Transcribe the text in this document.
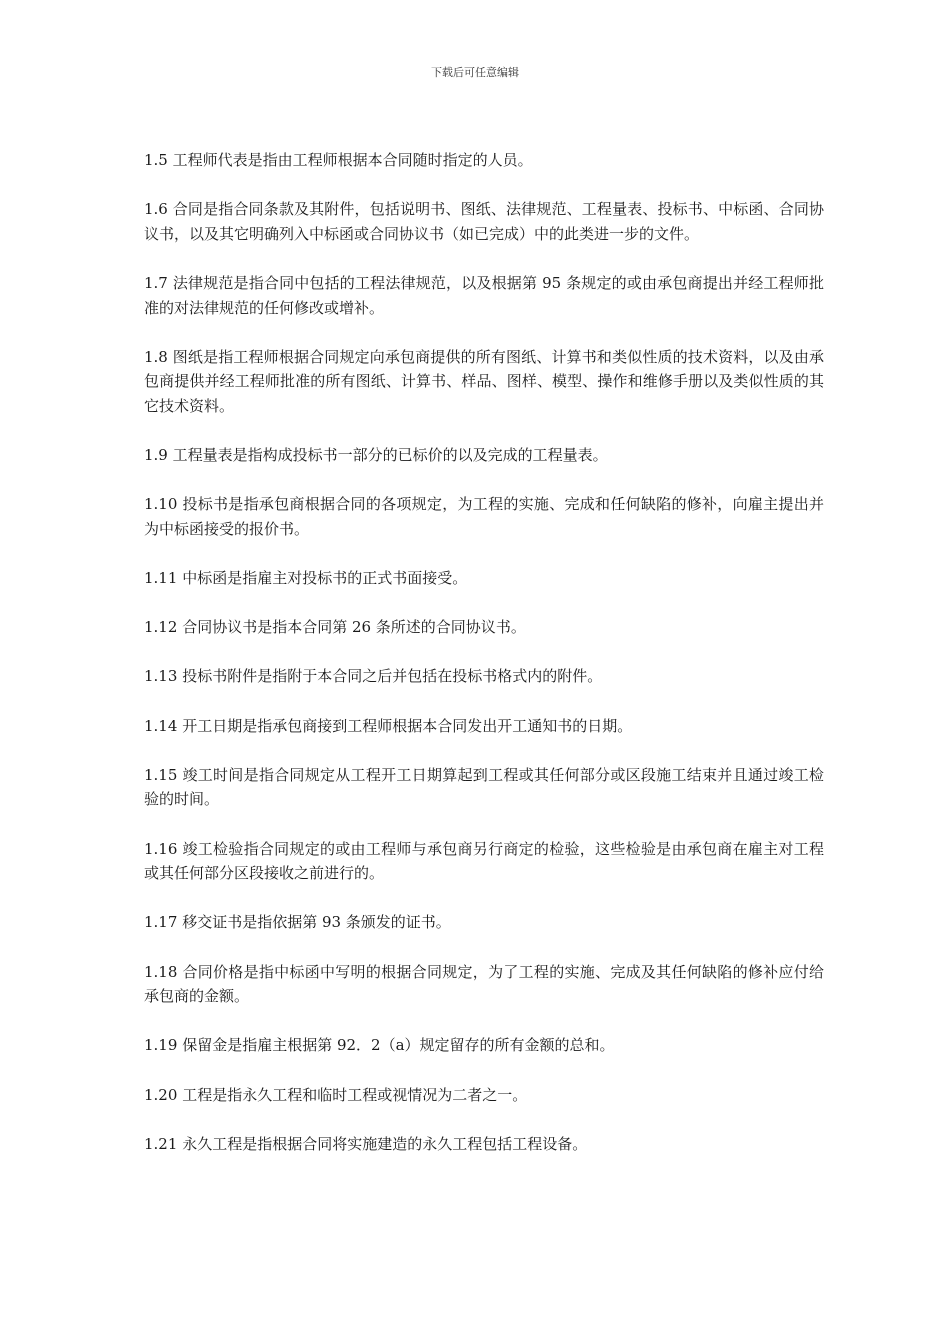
下载后可任意编辑

1.5 工程师代表是指由工程师根据本合同随时指定的人员。

1.6 合同是指合同条款及其附件，包括说明书、图纸、法律规范、工程量表、投标书、中标函、合同协议书，以及其它明确列入中标函或合同协议书（如已完成）中的此类进一步的文件。

1.7 法律规范是指合同中包括的工程法律规范，以及根据第 95 条规定的或由承包商提出并经工程师批准的对法律规范的任何修改或增补。

1.8 图纸是指工程师根据合同规定向承包商提供的所有图纸、计算书和类似性质的技术资料，以及由承包商提供并经工程师批准的所有图纸、计算书、样品、图样、模型、操作和维修手册以及类似性质的其它技术资料。

1.9 工程量表是指构成投标书一部分的已标价的以及完成的工程量表。

1.10 投标书是指承包商根据合同的各项规定，为工程的实施、完成和任何缺陷的修补，向雇主提出并为中标函接受的报价书。

1.11 中标函是指雇主对投标书的正式书面接受。

1.12 合同协议书是指本合同第 26 条所述的合同协议书。

1.13 投标书附件是指附于本合同之后并包括在投标书格式内的附件。

1.14 开工日期是指承包商接到工程师根据本合同发出开工通知书的日期。

1.15 竣工时间是指合同规定从工程开工日期算起到工程或其任何部分或区段施工结束并且通过竣工检验的时间。

1.16 竣工检验指合同规定的或由工程师与承包商另行商定的检验，这些检验是由承包商在雇主对工程或其任何部分区段接收之前进行的。

1.17 移交证书是指依据第 93 条颁发的证书。

1.18 合同价格是指中标函中写明的根据合同规定，为了工程的实施、完成及其任何缺陷的修补应付给承包商的金额。

1.19 保留金是指雇主根据第 92．2（a）规定留存的所有金额的总和。

1.20 工程是指永久工程和临时工程或视情况为二者之一。

1.21 永久工程是指根据合同将实施建造的永久工程包括工程设备。
